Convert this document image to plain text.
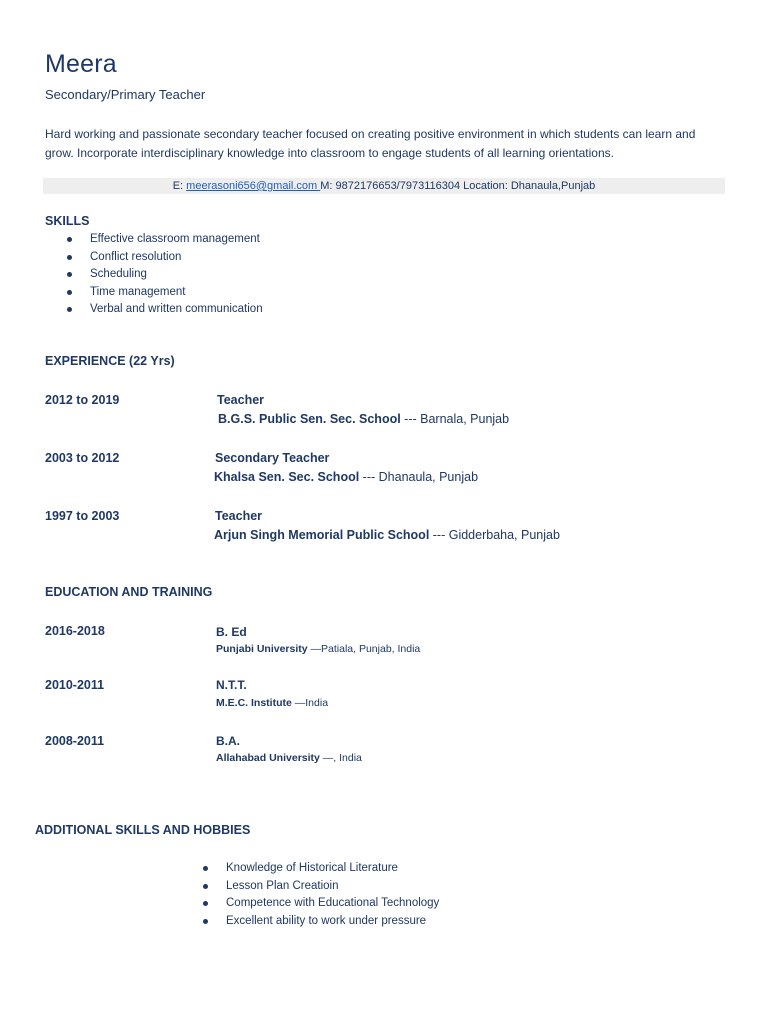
Meera
Secondary/Primary Teacher
Hard working and passionate secondary teacher focused on creating positive environment in which students can learn and grow. Incorporate interdisciplinary knowledge into classroom to engage students of all learning orientations.
E: meerasoni656@gmail.com M: 9872176653/7973116304 Location: Dhanaula,Punjab
SKILLS
Effective classroom management
Conflict resolution
Scheduling
Time management
Verbal and written communication
EXPERIENCE (22 Yrs)
2012 to 2019	Teacher
B.G.S. Public Sen. Sec. School --- Barnala, Punjab
2003 to 2012	Secondary Teacher
Khalsa Sen. Sec. School --- Dhanaula, Punjab
1997 to 2003	Teacher
Arjun Singh Memorial Public School --- Gidderbaha, Punjab
EDUCATION AND TRAINING
2016-2018	B. Ed
Punjabi University —Patiala, Punjab, India
2010-2011	N.T.T.
M.E.C. Institute —India
2008-2011	B.A.
Allahabad University —, India
ADDITIONAL SKILLS AND HOBBIES
Knowledge of Historical Literature
Lesson Plan Creatioin
Competence with Educational Technology
Excellent ability to work under pressure
